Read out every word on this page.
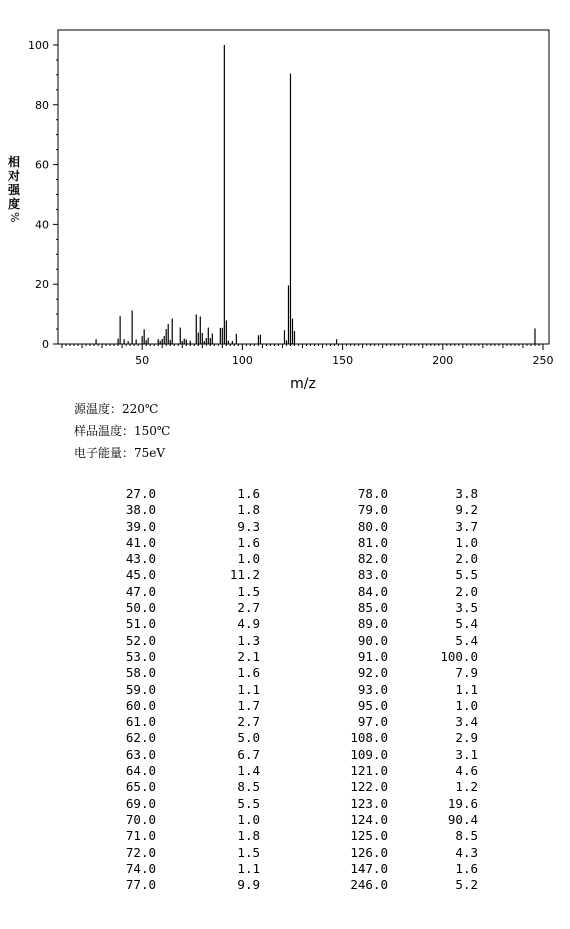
0
20
40
60
80
100
50	100	150	200	250
m/z
相对强度
%
源温度：220℃
样品温度：150℃
电子能量：75eV
27.0	1.6	78.0	3.8
38.0	1.8	79.0	9.2
39.0	9.3	80.0	3.7
41.0	1.6	81.0	1.0
43.0	1.0	82.0	2.0
45.0	11.2	83.0	5.5
47.0	1.5	84.0	2.0
50.0	2.7	85.0	3.5
51.0	4.9	89.0	5.4
52.0	1.3	90.0	5.4
53.0	2.1	91.0	100.0
58.0	1.6	92.0	7.9
59.0	1.1	93.0	1.1
60.0	1.7	95.0	1.0
61.0	2.7	97.0	3.4
62.0	5.0	108.0	2.9
63.0	6.7	109.0	3.1
64.0	1.4	121.0	4.6
65.0	8.5	122.0	1.2
69.0	5.5	123.0	19.6
70.0	1.0	124.0	90.4
71.0	1.8	125.0	8.5
72.0	1.5	126.0	4.3
74.0	1.1	147.0	1.6
77.0	9.9	246.0	5.2
